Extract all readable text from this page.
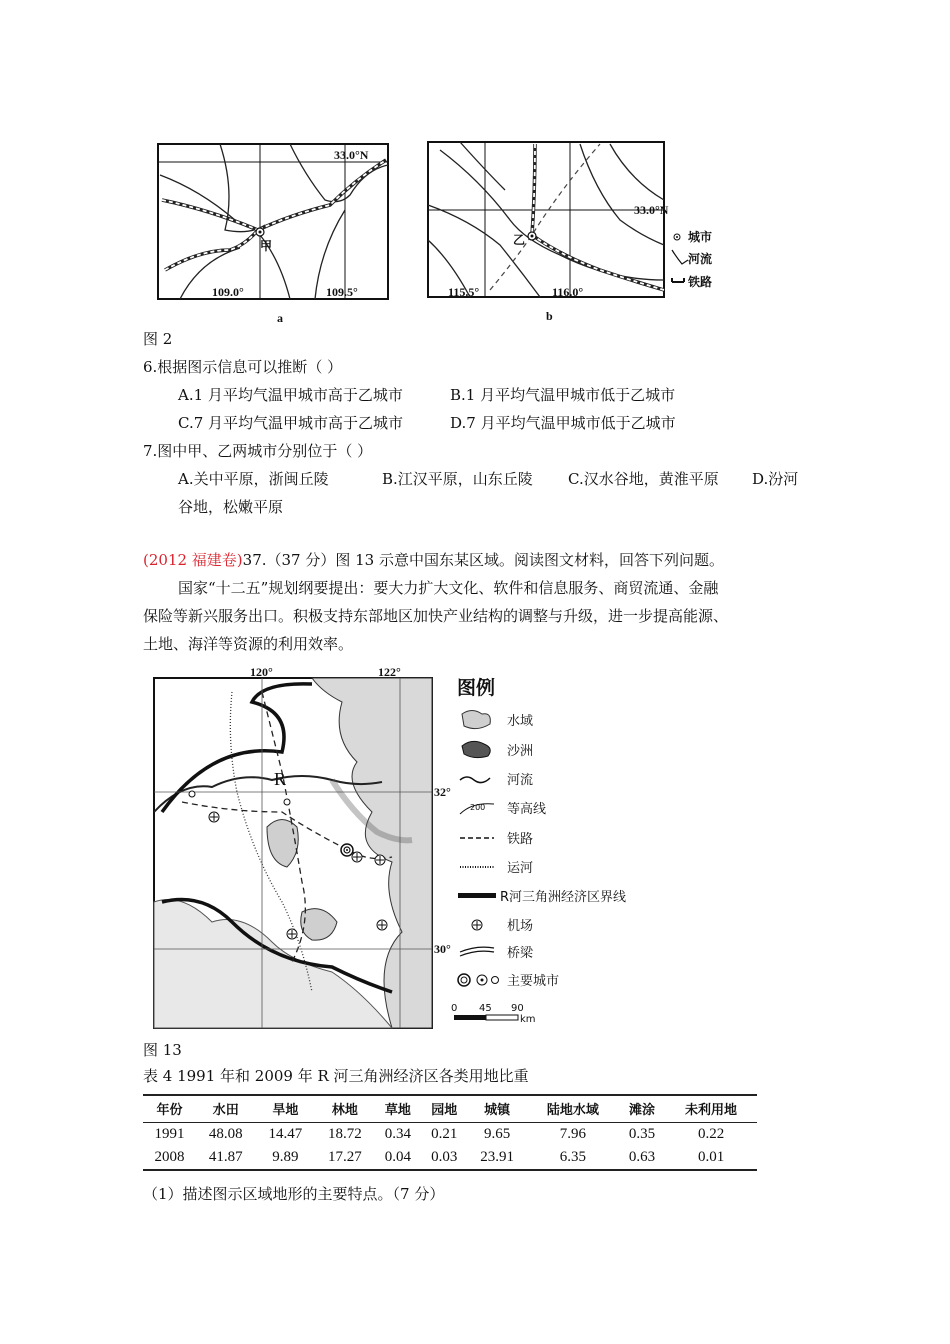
甲
33.0°N
109.0°	109.5°
a
乙
33.0°N
115.5°	116.0°
b
城市
河流
铁路
图 2
6.根据图示信息可以推断（ ）
A.1 月平均气温甲城市高于乙城市	B.1 月平均气温甲城市低于乙城市
C.7 月平均气温甲城市高于乙城市	D.7 月平均气温甲城市低于乙城市
7.图中甲、乙两城市分别位于（ ）
A.关中平原，浙闽丘陵	B.江汉平原，山东丘陵 C.汉水谷地，黄淮平原 D.汾河
谷地，松嫩平原
(2012 福建卷)37.（37 分）图 13 示意中国东某区域。阅读图文材料，回答下列问题。
国家“十二五”规划纲要提出：要大力扩大文化、软件和信息服务、商贸流通、金融
保险等新兴服务出口。积极支持东部地区加快产业结构的调整与升级，进一步提高能源、
土地、海洋等资源的利用效率。
120°	122°
32°
30°
R
图例
水域
沙洲
河流
200 等高线
铁路
运河
R河三角洲经济区界线
机场
桥梁
主要城市
0 45 90
km
图 13
表 4 1991 年和 2009 年 R 河三角洲经济区各类用地比重
年份	水田	旱地	林地	草地	园地	城镇	陆地水域	滩涂	未利用地
1991	48.08	14.47	18.72	0.34	0.21	9.65	7.96	0.35	0.22
2008	41.87	9.89	17.27	0.04	0.03	23.91	6.35	0.63	0.01
（1）描述图示区域地形的主要特点。（7 分）
